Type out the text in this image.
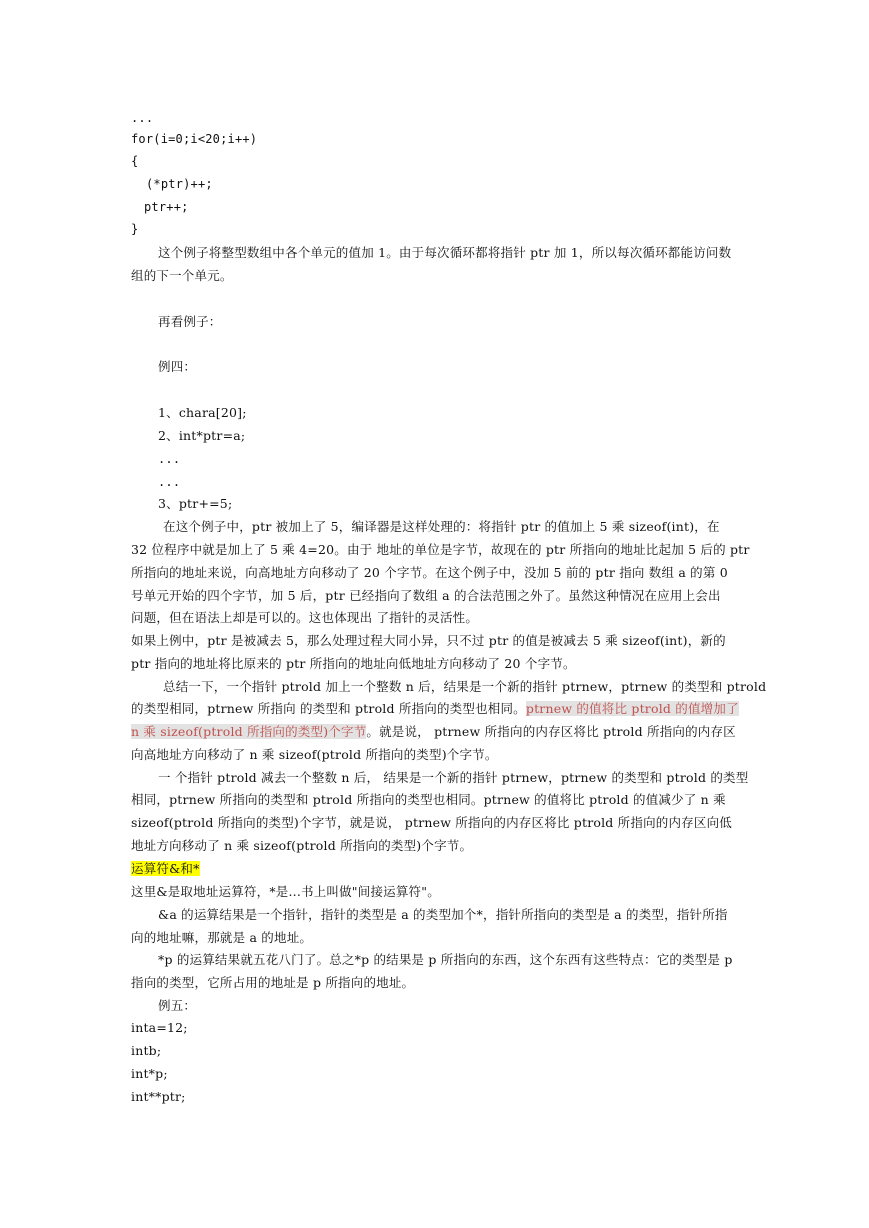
...
for(i=0;i<20;i++)
{
(*ptr)++;
ptr++;
}
这个例子将整型数组中各个单元的值加 1。由于每次循环都将指针 ptr 加 1，所以每次循环都能访问数
组的下一个单元。
再看例子：
例四：
1、chara[20];
2、int*ptr=a;
...
...
3、ptr+=5;
在这个例子中，ptr 被加上了 5，编译器是这样处理的：将指针 ptr 的值加上 5 乘 sizeof(int)，在
32 位程序中就是加上了 5 乘 4=20。由于 地址的单位是字节，故现在的 ptr 所指向的地址比起加 5 后的 ptr
所指向的地址来说，向高地址方向移动了 20 个字节。在这个例子中，没加 5 前的 ptr 指向 数组 a 的第 0
号单元开始的四个字节，加 5 后，ptr 已经指向了数组 a 的合法范围之外了。虽然这种情况在应用上会出
问题，但在语法上却是可以的。这也体现出 了指针的灵活性。
如果上例中，ptr 是被减去 5，那么处理过程大同小异，只不过 ptr 的值是被减去 5 乘 sizeof(int)，新的
ptr 指向的地址将比原来的 ptr 所指向的地址向低地址方向移动了 20 个字节。
总结一下，一个指针 ptrold 加上一个整数 n 后，结果是一个新的指针 ptrnew，ptrnew 的类型和 ptrold
的类型相同，ptrnew 所指向 的类型和 ptrold 所指向的类型也相同。ptrnew 的值将比 ptrold 的值增加了
n 乘 sizeof(ptrold 所指向的类型)个字节。就是说， ptrnew 所指向的内存区将比 ptrold 所指向的内存区
向高地址方向移动了 n 乘 sizeof(ptrold 所指向的类型)个字节。
一 个指针 ptrold 减去一个整数 n 后， 结果是一个新的指针 ptrnew，ptrnew 的类型和 ptrold 的类型
相同，ptrnew 所指向的类型和 ptrold 所指向的类型也相同。ptrnew 的值将比 ptrold 的值减少了 n 乘
sizeof(ptrold 所指向的类型)个字节，就是说， ptrnew 所指向的内存区将比 ptrold 所指向的内存区向低
地址方向移动了 n 乘 sizeof(ptrold 所指向的类型)个字节。
运算符&和*
这里&是取地址运算符，*是...书上叫做"间接运算符"。
&a 的运算结果是一个指针，指针的类型是 a 的类型加个*，指针所指向的类型是 a 的类型，指针所指
向的地址嘛，那就是 a 的地址。
*p 的运算结果就五花八门了。总之*p 的结果是 p 所指向的东西，这个东西有这些特点：它的类型是 p
指向的类型，它所占用的地址是 p 所指向的地址。
例五：
inta=12;
intb;
int*p;
int**ptr;
